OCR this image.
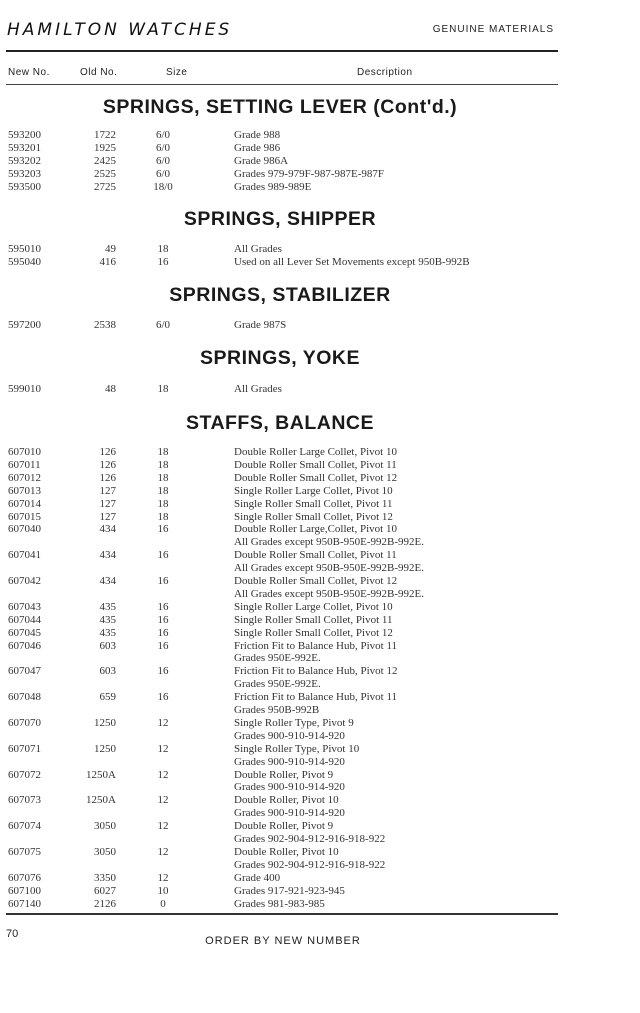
HAMILTON WATCHES	GENUINE MATERIALS
New No.	Old No.	Size	Description
SPRINGS, SETTING LEVER (Cont'd.)
593200	1722	6/0	Grade 988
593201	1925	6/0	Grade 986
593202	2425	6/0	Grade 986A
593203	2525	6/0	Grades 979-979F-987-987E-987F
593500	2725	18/0	Grades 989-989E
SPRINGS, SHIPPER
595010	49	18	All Grades
595040	416	16	Used on all Lever Set Movements except 950B-992B
SPRINGS, STABILIZER
597200	2538	6/0	Grade 987S
SPRINGS, YOKE
599010	48	18	All Grades
STAFFS, BALANCE
607010	126	18	Double Roller Large Collet, Pivot 10
607011	126	18	Double Roller Small Collet, Pivot 11
607012	126	18	Double Roller Small Collet, Pivot 12
607013	127	18	Single Roller Large Collet, Pivot 10
607014	127	18	Single Roller Small Collet, Pivot 11
607015	127	18	Single Roller Small Collet, Pivot 12
607040	434	16	Double Roller Large,Collet, Pivot 10
All Grades except 950B-950E-992B-992E.
607041	434	16	Double Roller Small Collet, Pivot 11
All Grades except 950B-950E-992B-992E.
607042	434	16	Double Roller Small Collet, Pivot 12
All Grades except 950B-950E-992B-992E.
607043	435	16	Single Roller Large Collet, Pivot 10
607044	435	16	Single Roller Small Collet, Pivot 11
607045	435	16	Single Roller Small Collet, Pivot 12
607046	603	16	Friction Fit to Balance Hub, Pivot 11
Grades 950E-992E.
607047	603	16	Friction Fit to Balance Hub, Pivot 12
Grades 950E-992E.
607048	659	16	Friction Fit to Balance Hub, Pivot 11
Grades 950B-992B
607070	1250	12	Single Roller Type, Pivot 9
Grades 900-910-914-920
607071	1250	12	Single Roller Type, Pivot 10
Grades 900-910-914-920
607072	1250A	12	Double Roller, Pivot 9
Grades 900-910-914-920
607073	1250A	12	Double Roller, Pivot 10
Grades 900-910-914-920
607074	3050	12	Double Roller, Pivot 9
Grades 902-904-912-916-918-922
607075	3050	12	Double Roller, Pivot 10
Grades 902-904-912-916-918-922
607076	3350	12	Grade 400
607100	6027	10	Grades 917-921-923-945
607140	2126	0	Grades 981-983-985
70
ORDER BY NEW NUMBER
